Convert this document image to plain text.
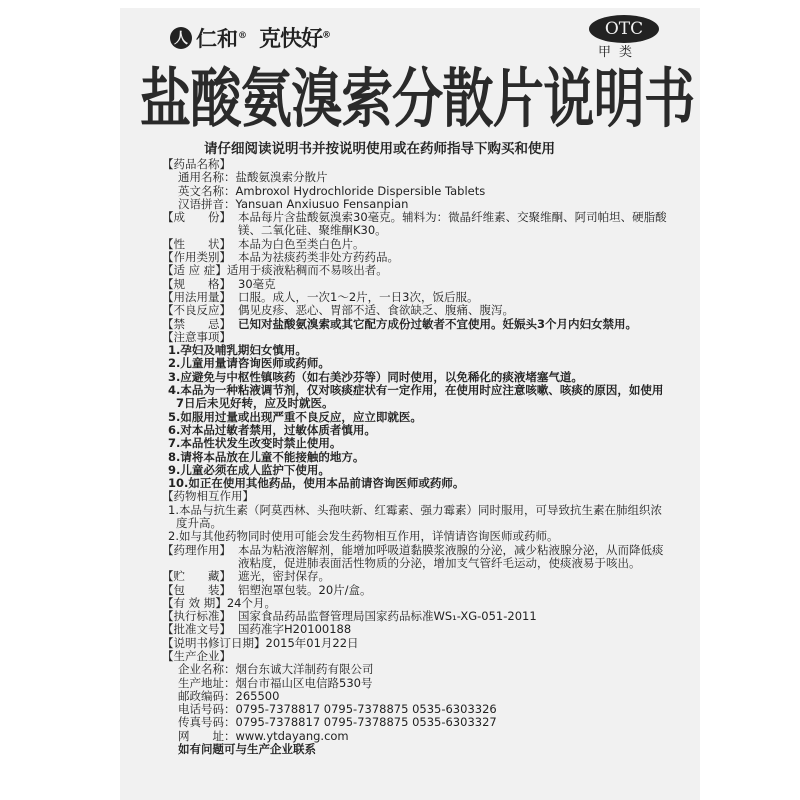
人 仁和® 克快好®	OTC
甲类
盐酸氨溴索分散片说明书
请仔细阅读说明书并按说明使用或在药师指导下购买和使用
【 药品名称 】
通用名称： 盐酸氨溴索分散片
英文名称： Ambroxol Hydrochloride Dispersible Tablets
汉语拼音： Yansuan Anxiusuo Fensanpian
【 成　　份 】	本品每片含盐酸氨溴索30毫克。辅料为：微晶纤维素、交聚维酮、阿司帕坦、硬脂酸镁、二氧化硅、聚维酮K30。
【 性　　状 】	本品为白色至类白色片。
【 作用类别 】	本品为祛痰药类非处方药药品。
【 适 应 症 】	适用于痰液粘稠而不易咳出者。
【 规　　格 】	30毫克
【 用法用量 】	口服。成人，一次1～2片，一日3次，饭后服。
【 不良反应 】	偶见皮疹、恶心、胃部不适、食欲缺乏、腹痛、腹泻。
【 禁　　忌 】	已知对盐酸氨溴索或其它配方成份过敏者不宜使用。妊娠头3个月内妇女禁用。
【 注意事项 】
1.孕妇及哺乳期妇女慎用。
2.儿童用量请咨询医师或药师。
3.应避免与中枢性镇咳药（如右美沙芬等）同时使用，以免稀化的痰液堵塞气道。
4.本品为一种粘液调节剂，仅对咳痰症状有一定作用，在使用时应注意咳嗽、咳痰的原因，如使用7日后未见好转，应及时就医。
5.如服用过量或出现严重不良反应，应立即就医。
6.对本品过敏者禁用，过敏体质者慎用。
7.本品性状发生改变时禁止使用。
8.请将本品放在儿童不能接触的地方。
9.儿童必须在成人监护下使用。
10.如正在使用其他药品，使用本品前请咨询医师或药师。
【 药物相互作用 】
1.本品与抗生素（阿莫西林、头孢呋新、红霉素、强力霉素）同时服用，可导致抗生素在肺组织浓度升高。
2.如与其他药物同时使用可能会发生药物相互作用，详情请咨询医师或药师。
【 药理作用 】	本品为粘液溶解剂，能增加呼吸道黏膜浆液腺的分泌，减少粘液腺分泌，从而降低痰液粘度，促进肺表面活性物质的分泌，增加支气管纤毛运动，使痰液易于咳出。
【 贮　　藏 】	遮光，密封保存。
【 包　　装 】	铝塑泡罩包装。20片/盒。
【 有 效 期 】	24个月。
【 执行标准 】	国家食品药品监督管理局国家药品标准WS₁-XG-051-2011
【 批准文号 】	国药准字H20100188
【 说明书修订日期 】	2015年01月22日
【 生产企业 】
企业名称： 烟台东诚大洋制药有限公司
生产地址： 烟台市福山区电信路530号
邮政编码： 265500
电话号码： 0795-7378817 0795-7378875 0535-6303326
传真号码： 0795-7378817 0795-7378875 0535-6303327
网　　址： www.ytdayang.com
如有问题可与生产企业联系
